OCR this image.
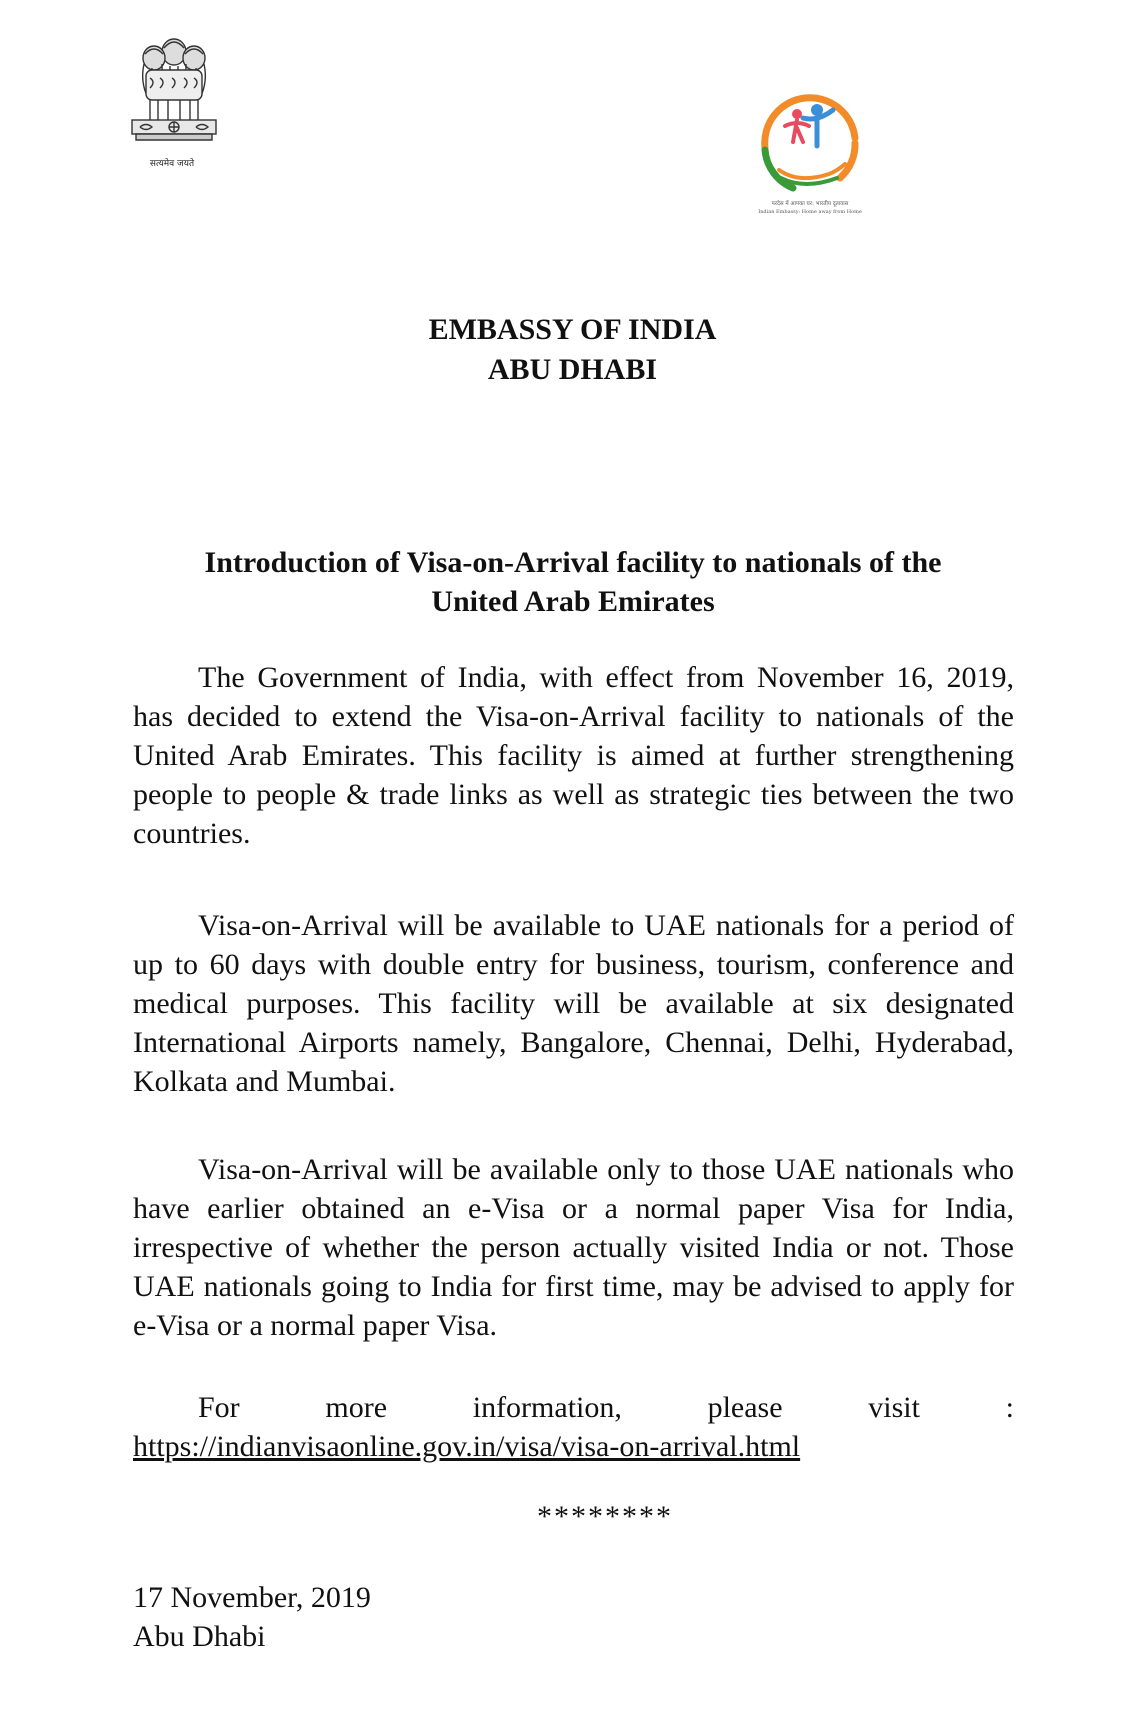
सत्यमेव जयते
परदेस में आपका घर: भारतीय दूतावास
Indian Embassy: Home away from Home
EMBASSY OF INDIA
ABU DHABI
Introduction of Visa-on-Arrival facility to nationals of the
United Arab Emirates

The Government of India, with effect from November 16, 2019, has decided to extend the Visa-on-Arrival facility to nationals of the United Arab Emirates. This facility is aimed at further strengthening people to people & trade links as well as strategic ties between the two countries.

Visa-on-Arrival will be available to UAE nationals for a period of up to 60 days with double entry for business, tourism, conference and medical purposes. This facility will be available at six designated International Airports namely, Bangalore, Chennai, Delhi, Hyderabad, Kolkata and Mumbai.

Visa-on-Arrival will be available only to those UAE nationals who have earlier obtained an e-Visa or a normal paper Visa for India, irrespective of whether the person actually visited India or not. Those UAE nationals going to India for first time, may be advised to apply for e-Visa or a normal paper Visa.

For	more	information,	please	visit	:
https://indianvisaonline.gov.in/visa/visa-on-arrival.html
********
17 November, 2019
Abu Dhabi
